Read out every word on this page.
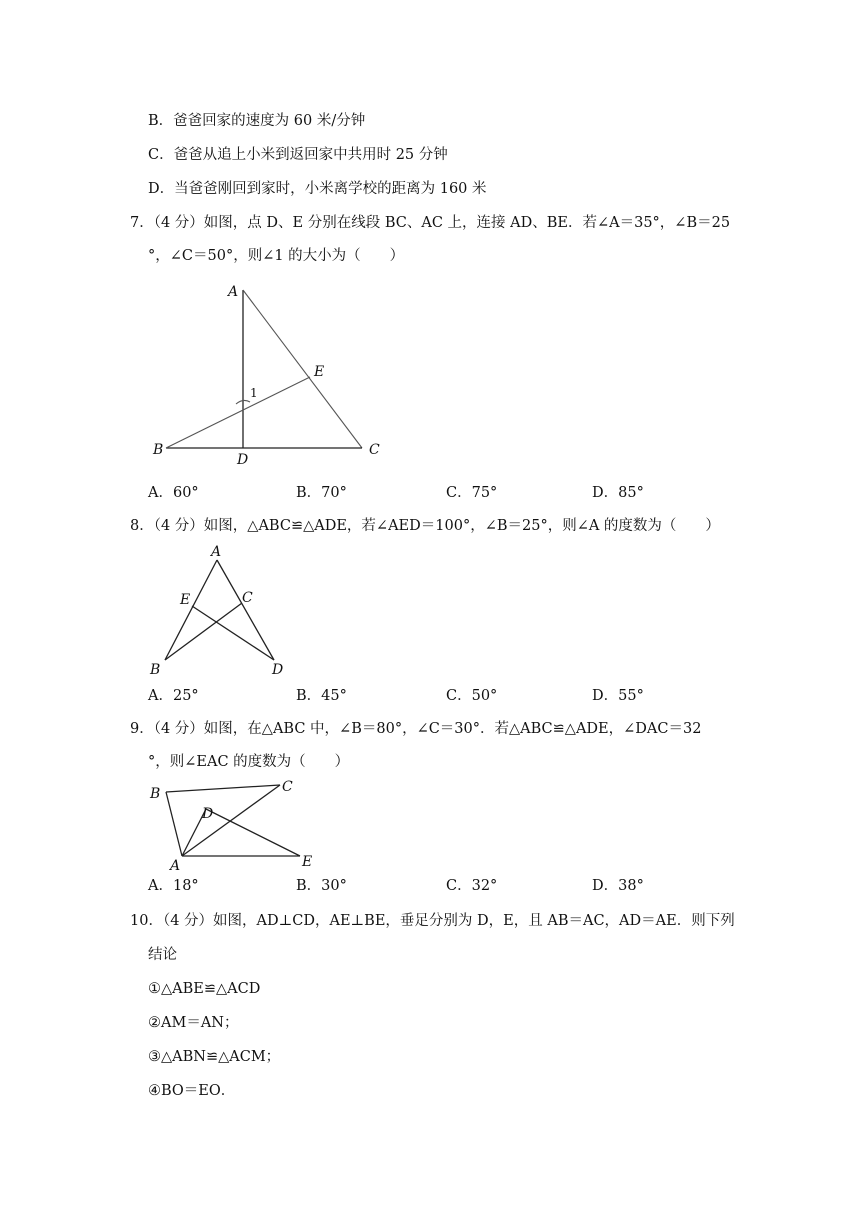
B．爸爸回家的速度为 60 米/分钟
C．爸爸从追上小米到返回家中共用时 25 分钟
D．当爸爸刚回到家时，小米离学校的距离为 160 米
7．（4 分）如图，点 D、E 分别在线段 BC、AC 上，连接 AD、BE．若∠A＝35°，∠B＝25
°，∠C＝50°，则∠1 的大小为（　　）
A
B	C
D
E
1
A．60°	B．70°	C．75°	D．85°
8．（4 分）如图，△ABC≌△ADE，若∠AED＝100°，∠B＝25°，则∠A 的度数为（　　）
A
E	C
B	D
A．25°	B．45°	C．50°	D．55°
9．（4 分）如图，在△ABC 中，∠B＝80°，∠C＝30°．若△ABC≌△ADE，∠DAC＝32
°，则∠EAC 的度数为（　　）
B	C
D
A	E
A．18°	B．30°	C．32°	D．38°
10．（4 分）如图，AD⊥CD，AE⊥BE，垂足分别为 D，E，且 AB＝AC，AD＝AE．则下列
结论
①△ABE≌△ACD
②AM＝AN；
③△ABN≌△ACM；
④BO＝EO．
